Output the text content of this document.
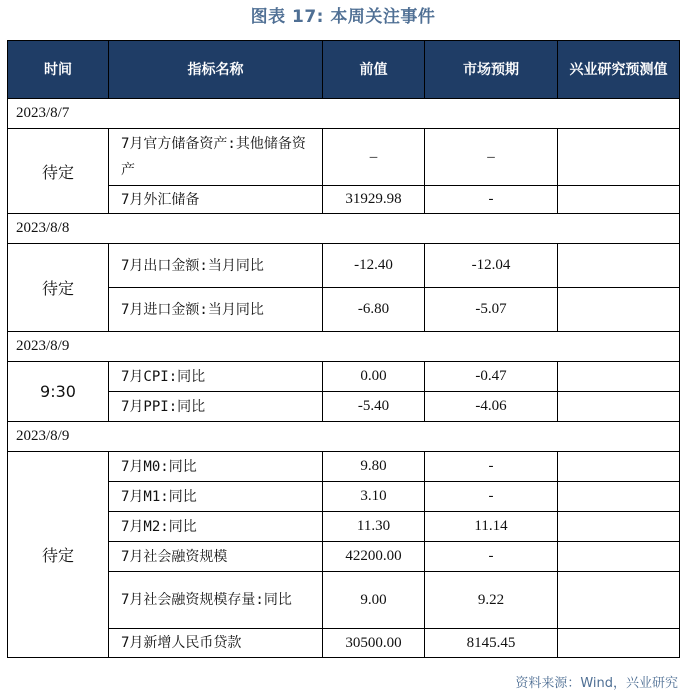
图表 17: 本周关注事件
时间	指标名称	前值	市场预期	兴业研究预测值
2023/8/7				
待定	7月官方储备资产:其他储备资产	–	–	
	7月外汇储备	31929.98	-	
2023/8/8				
待定	7月出口金额:当月同比	-12.40	-12.04	
	7月进口金额:当月同比	-6.80	-5.07	
2023/8/9				
9:30	7月CPI:同比	0.00	-0.47	
	7月PPI:同比	-5.40	-4.06	
2023/8/9				
待定	7月M0:同比	9.80	-	
	7月M1:同比	3.10	-	
	7月M2:同比	11.30	11.14	
	7月社会融资规模	42200.00	-	
	7月社会融资规模存量:同比	9.00	9.22	
	7月新增人民币贷款	30500.00	8145.45	
资料来源：Wind，兴业研究
